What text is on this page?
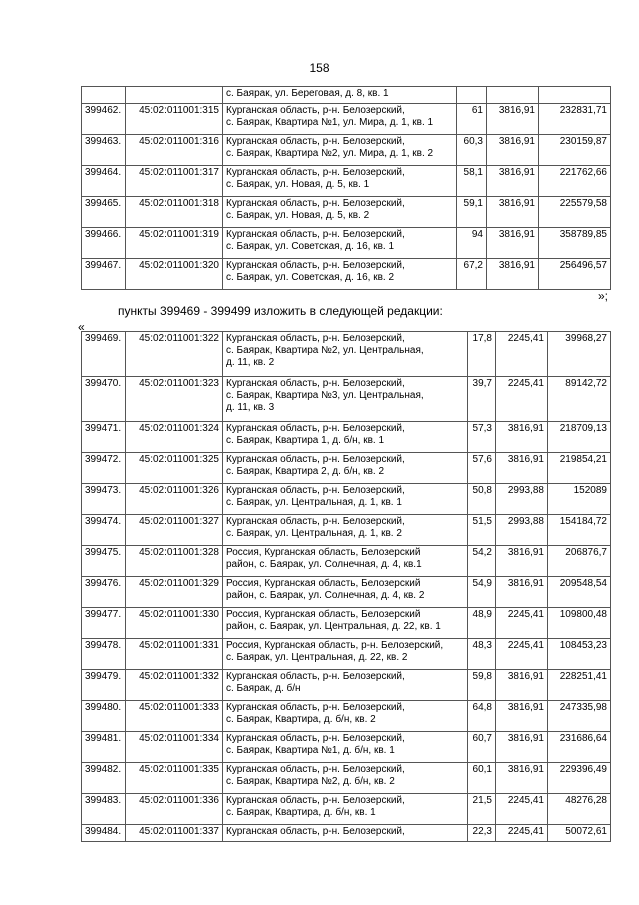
158

		с. Баярак, ул. Береговая, д. 8, кв. 1			

399462.	45:02:011001:315	Курганская область, р-н. Белозерский,
с. Баярак, Квартира №1, ул. Мира, д. 1, кв. 1	61	3816,91	232831,71
399463.	45:02:011001:316	Курганская область, р-н. Белозерский,
с. Баярак, Квартира №2, ул. Мира, д. 1, кв. 2	60,3	3816,91	230159,87
399464.	45:02:011001:317	Курганская область, р-н. Белозерский,
с. Баярак, ул. Новая, д. 5, кв. 1	58,1	3816,91	221762,66
399465.	45:02:011001:318	Курганская область, р-н. Белозерский,
с. Баярак, ул. Новая, д. 5, кв. 2	59,1	3816,91	225579,58
399466.	45:02:011001:319	Курганская область, р-н. Белозерский,
с. Баярак, ул. Советская, д. 16, кв. 1	94	3816,91	358789,85
399467.	45:02:011001:320	Курганская область, р-н. Белозерский,
с. Баярак, ул. Советская, д. 16, кв. 2	67,2	3816,91	256496,57
»;
пункты 399469 - 399499 изложить в следующей редакции:
«
399469.	45:02:011001:322	Курганская область, р-н. Белозерский,
с. Баярак, Квартира №2, ул. Центральная,
д. 11, кв. 2	17,8	2245,41	39968,27
399470.	45:02:011001:323	Курганская область, р-н. Белозерский,
с. Баярак, Квартира №3, ул. Центральная,
д. 11, кв. 3	39,7	2245,41	89142,72
399471.	45:02:011001:324	Курганская область, р-н. Белозерский,
с. Баярак, Квартира 1, д. б/н, кв. 1	57,3	3816,91	218709,13
399472.	45:02:011001:325	Курганская область, р-н. Белозерский,
с. Баярак, Квартира 2, д. б/н, кв. 2	57,6	3816,91	219854,21
399473.	45:02:011001:326	Курганская область, р-н. Белозерский,
с. Баярак, ул. Центральная, д. 1, кв. 1	50,8	2993,88	152089
399474.	45:02:011001:327	Курганская область, р-н. Белозерский,
с. Баярак, ул. Центральная, д. 1, кв. 2	51,5	2993,88	154184,72
399475.	45:02:011001:328	Россия, Курганская область, Белозерский
район, с. Баярак, ул. Солнечная, д. 4, кв.1	54,2	3816,91	206876,7
399476.	45:02:011001:329	Россия, Курганская область, Белозерский
район, с. Баярак, ул. Солнечная, д. 4, кв. 2	54,9	3816,91	209548,54
399477.	45:02:011001:330	Россия, Курганская область, Белозерский
район, с. Баярак, ул. Центральная, д. 22, кв. 1	48,9	2245,41	109800,48
399478.	45:02:011001:331	Россия, Курганская область, р-н. Белозерский,
с. Баярак, ул. Центральная, д. 22, кв. 2	48,3	2245,41	108453,23
399479.	45:02:011001:332	Курганская область, р-н. Белозерский,
с. Баярак, д. б/н	59,8	3816,91	228251,41
399480.	45:02:011001:333	Курганская область, р-н. Белозерский,
с. Баярак, Квартира, д. б/н, кв. 2	64,8	3816,91	247335,98
399481.	45:02:011001:334	Курганская область, р-н. Белозерский,
с. Баярак, Квартира №1, д. б/н, кв. 1	60,7	3816,91	231686,64
399482.	45:02:011001:335	Курганская область, р-н. Белозерский,
с. Баярак, Квартира №2, д. б/н, кв. 2	60,1	3816,91	229396,49
399483.	45:02:011001:336	Курганская область, р-н. Белозерский,
с. Баярак, Квартира, д. б/н, кв. 1	21,5	2245,41	48276,28
399484.	45:02:011001:337	Курганская область, р-н. Белозерский,	22,3	2245,41	50072,61
